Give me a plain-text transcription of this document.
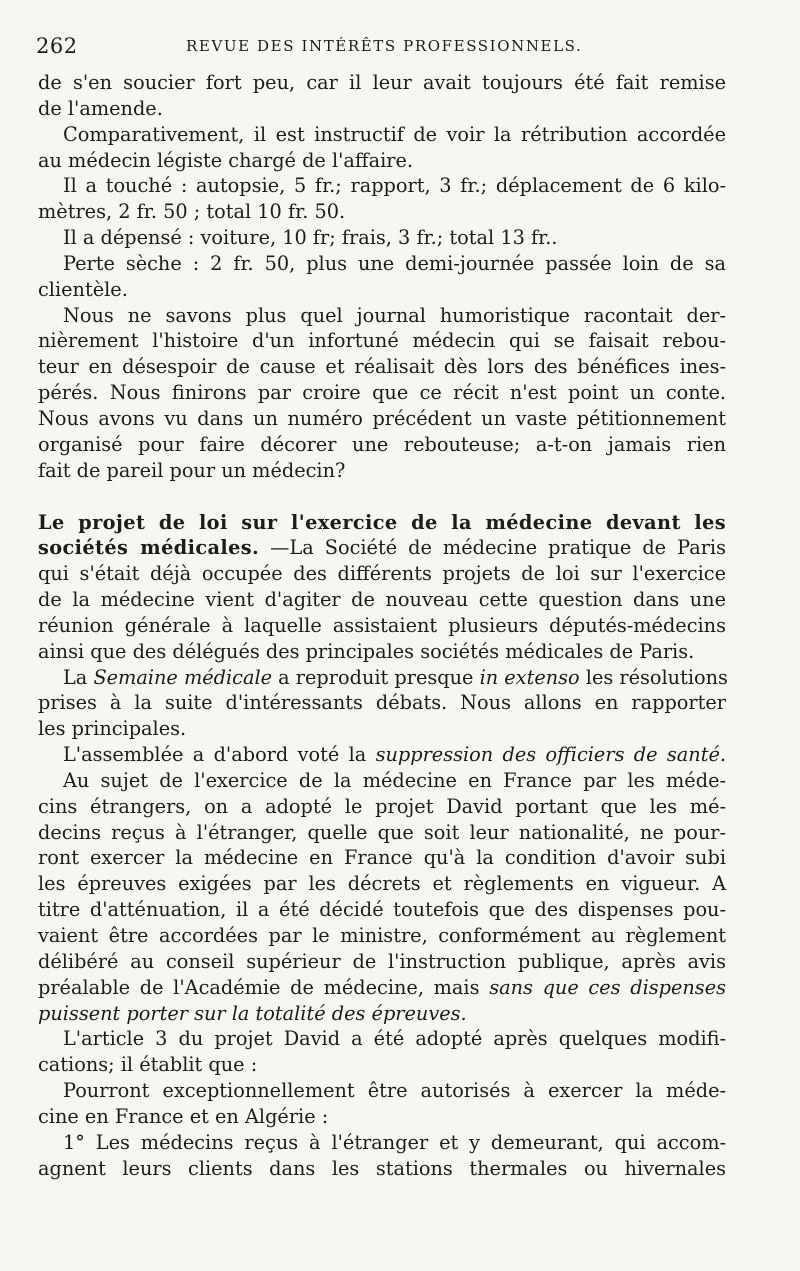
262	REVUE DES INTÉRÊTS PROFESSIONNELS.
de s'en soucier fort peu, car il leur avait toujours été fait remise
de l'amende.
Comparativement, il est instructif de voir la rétribution accordée
au médecin légiste chargé de l'affaire.
Il a touché : autopsie, 5 fr.; rapport, 3 fr.; déplacement de 6 kilo-
mètres, 2 fr. 50 ; total 10 fr. 50.
Il a dépensé : voiture, 10 fr; frais, 3 fr.; total 13 fr..
Perte sèche : 2 fr. 50, plus une demi-journée passée loin de sa
clientèle.
Nous ne savons plus quel journal humoristique racontait der-
nièrement l'histoire d'un infortuné médecin qui se faisait rebou-
teur en désespoir de cause et réalisait dès lors des bénéfices ines-
pérés. Nous finirons par croire que ce récit n'est point un conte.
Nous avons vu dans un numéro précédent un vaste pétitionnement
organisé pour faire décorer une rebouteuse; a-t-on jamais rien
fait de pareil pour un médecin?
Le projet de loi sur l'exercice de la médecine devant les
sociétés médicales. —La Société de médecine pratique de Paris
qui s'était déjà occupée des différents projets de loi sur l'exercice
de la médecine vient d'agiter de nouveau cette question dans une
réunion générale à laquelle assistaient plusieurs députés-médecins
ainsi que des délégués des principales sociétés médicales de Paris.
La Semaine médicale a reproduit presque in extenso les résolutions
prises à la suite d'intéressants débats. Nous allons en rapporter
les principales.
L'assemblée a d'abord voté la suppression des officiers de santé.
Au sujet de l'exercice de la médecine en France par les méde-
cins étrangers, on a adopté le projet David portant que les mé-
decins reçus à l'étranger, quelle que soit leur nationalité, ne pour-
ront exercer la médecine en France qu'à la condition d'avoir subi
les épreuves exigées par les décrets et règlements en vigueur. A
titre d'atténuation, il a été décidé toutefois que des dispenses pou-
vaient être accordées par le ministre, conformément au règlement
délibéré au conseil supérieur de l'instruction publique, après avis
préalable de l'Académie de médecine, mais sans que ces dispenses
puissent porter sur la totalité des épreuves.
L'article 3 du projet David a été adopté après quelques modifi-
cations; il établit que :
Pourront exceptionnellement être autorisés à exercer la méde-
cine en France et en Algérie :
1° Les médecins reçus à l'étranger et y demeurant, qui accom-
agnent leurs clients dans les stations thermales ou hivernales
